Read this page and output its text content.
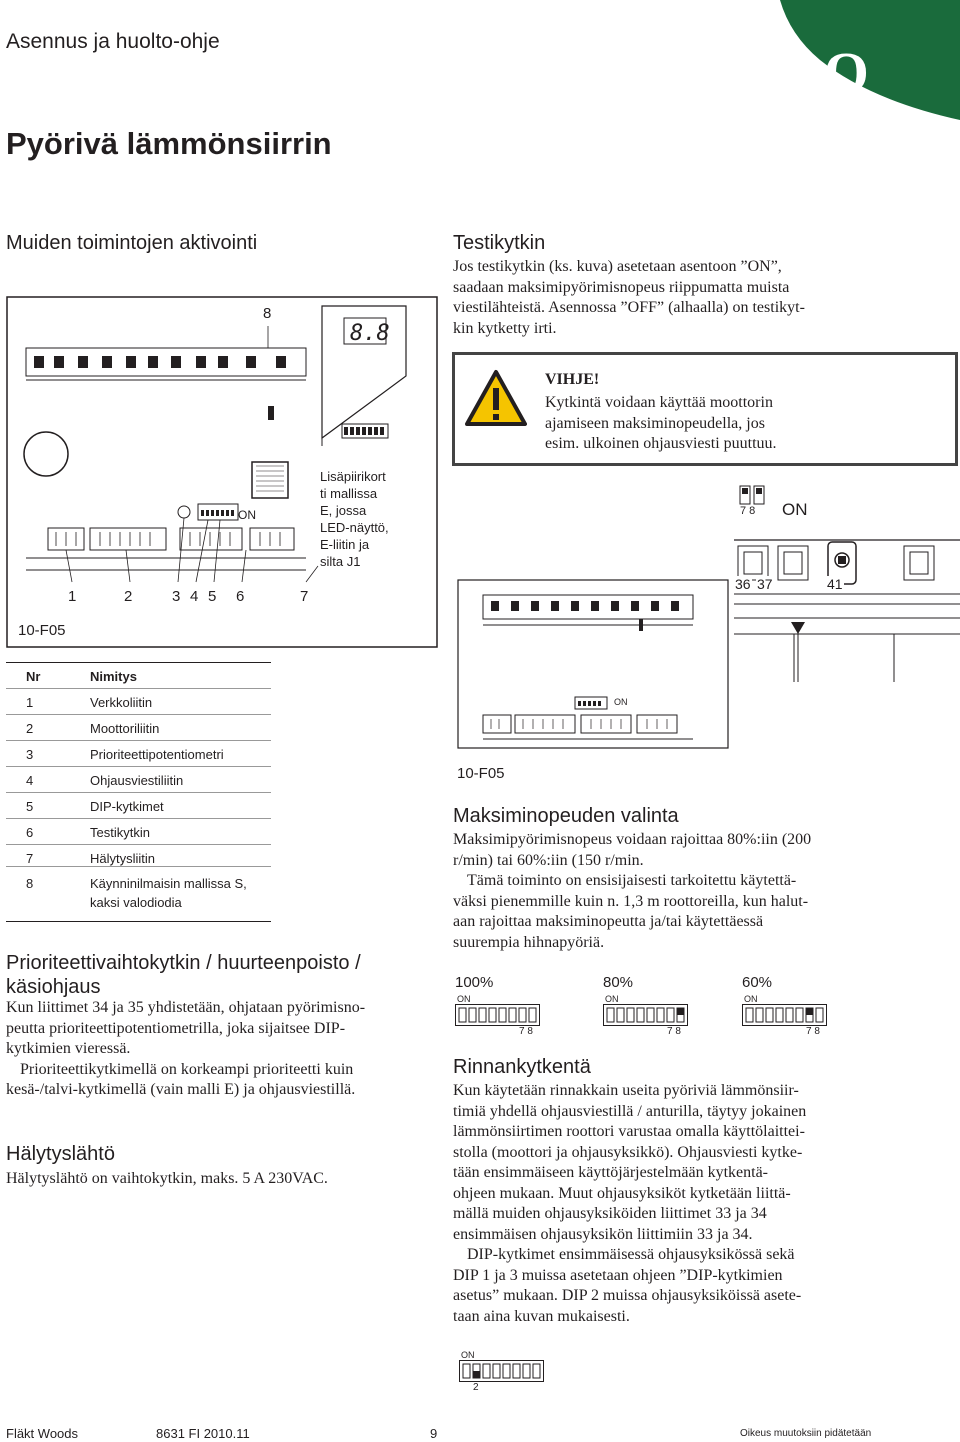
Asennus ja huolto-ohje	eQ
Pyörivä lämmönsiirrin
Muiden toimintojen aktivointi
8.8
8
ON
Lisäpiirikort
ti mallissa
E, jossa
LED-näyttö,
E-liitin ja
silta J1
1	2	3 4 5 6	7
10-F05
Nr	Nimitys
1	Verkkoliitin
2	Moottoriliitin
3	Prioriteettipotentiometri
4	Ohjausviestiliitin
5	DIP-kytkimet
6	Testikytkin
7	Hälytysliitin
8	Käynninilmaisin mallissa S,
kaksi valodiodia
Prioriteettivaihtokytkin / huurteenpoisto /
käsiohjaus
Kun liittimet 34 ja 35 yhdistetään, ohjataan pyörimisno-
peutta prioriteettipotentiometrilla, joka sijaitsee DIP-
kytkimien vieressä.
Prioriteettikytkimellä on korkeampi prioriteetti kuin
kesä-/talvi-kytkimellä (vain malli E) ja ohjausviestillä.
Hälytyslähtö
Hälytyslähtö on vaihtokytkin, maks. 5 A 230VAC.
Testikytkin
Jos testikytkin (ks. kuva) asetetaan asentoon ”ON”,
saadaan maksimipyörimisnopeus riippumatta muista
viestilähteistä. Asennossa ”OFF” (alhaalla) on testikyt-
kin kytketty irti.
VIHJE!
Kytkintä voidaan käyttää moottorin
ajamiseen maksiminopeudella, jos
esim. ulkoinen ohjausviesti puuttuu.
ON
7 8
36 37	41
ON
10-F05
Maksiminopeuden valinta
Maksimipyörimisnopeus voidaan rajoittaa 80%:iin (200
r/min) tai 60%:iin (150 r/min.
Tämä toiminto on ensisijaisesti tarkoitettu käytettä-
väksi pienemmille kuin n. 1,3 m roottoreilla, kun halut-
aan rajoittaa maksiminopeutta ja/tai käytettäessä
suurempia hihnapyöriä.
100%	80%	60%
ON
7 8
ON
7 8
ON
7 8
Rinnankytkentä
Kun käytetään rinnakkain useita pyöriviä lämmönsiir-
timiä yhdellä ohjausviestillä / anturilla, täytyy jokainen
lämmönsiirtimen roottori varustaa omalla käyttölaittei-
stolla (moottori ja ohjausyksikkö). Ohjausviesti kytke-
tään ensimmäiseen käyttöjärjestelmään kytkentä-
ohjeen mukaan. Muut ohjausyksiköt kytketään liittä-
mällä muiden ohjausyksiköiden liittimet 33 ja 34
ensimmäisen ohjausyksikön liittimiin 33 ja 34.
DIP-kytkimet ensimmäisessä ohjausyksikössä sekä
DIP 1 ja 3 muissa asetetaan ohjeen ”DIP-kytkimien
asetus” mukaan. DIP 2 muissa ohjausyksiköissä asete-
taan aina kuvan mukaisesti.
ON
2
Fläkt Woods	8631 FI 2010.11	9	Oikeus muutoksiin pidätetään
